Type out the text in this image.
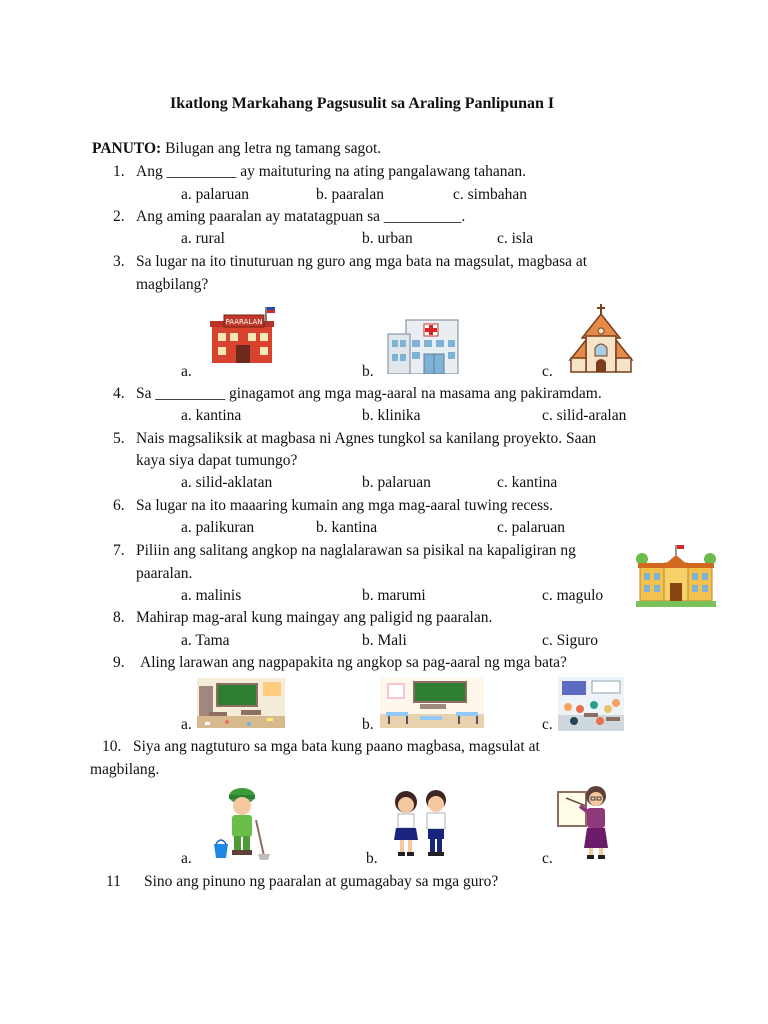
Ikatlong Markahang Pagsusulit sa Araling Panlipunan I
PANUTO: Bilugan ang letra ng tamang sagot.
1. Ang _________ ay maituturing na ating pangalawang tahanan.
a. palaruan	b. paaralan	c. simbahan
2. Ang aming paaralan ay matatagpuan sa __________.
a. rural	b. urban	c. isla
3. Sa lugar na ito tinuturuan ng guro ang mga bata na magsulat, magbasa at
magbilang?
a.	b.	c.
PAARALAN
4. Sa _________ ginagamot ang mga mag-aaral na masama ang pakiramdam.
a. kantina	b. klinika	c. silid-aralan
5. Nais magsaliksik at magbasa ni Agnes tungkol sa kanilang proyekto. Saan
kaya siya dapat tumungo?
a. silid-aklatan	b. palaruan	c. kantina
6. Sa lugar na ito maaaring kumain ang mga mag-aaral tuwing recess.
a. palikuran	b. kantina	c. palaruan
7. Piliin ang salitang angkop na naglalarawan sa pisikal na kapaligiran ng
paaralan.
a. malinis	b. marumi	c. magulo
8. Mahirap mag-aral kung maingay ang paligid ng paaralan.
a. Tama	b. Mali	c. Siguro
9. Aling larawan ang nagpapakita ng angkop sa pag-aaral ng mga bata?
a.	b.	c.
10. Siya ang nagtuturo sa mga bata kung paano magbasa, magsulat at
magbilang.
a.	b.	c.
11 Sino ang pinuno ng paaralan at gumagabay sa mga guro?
